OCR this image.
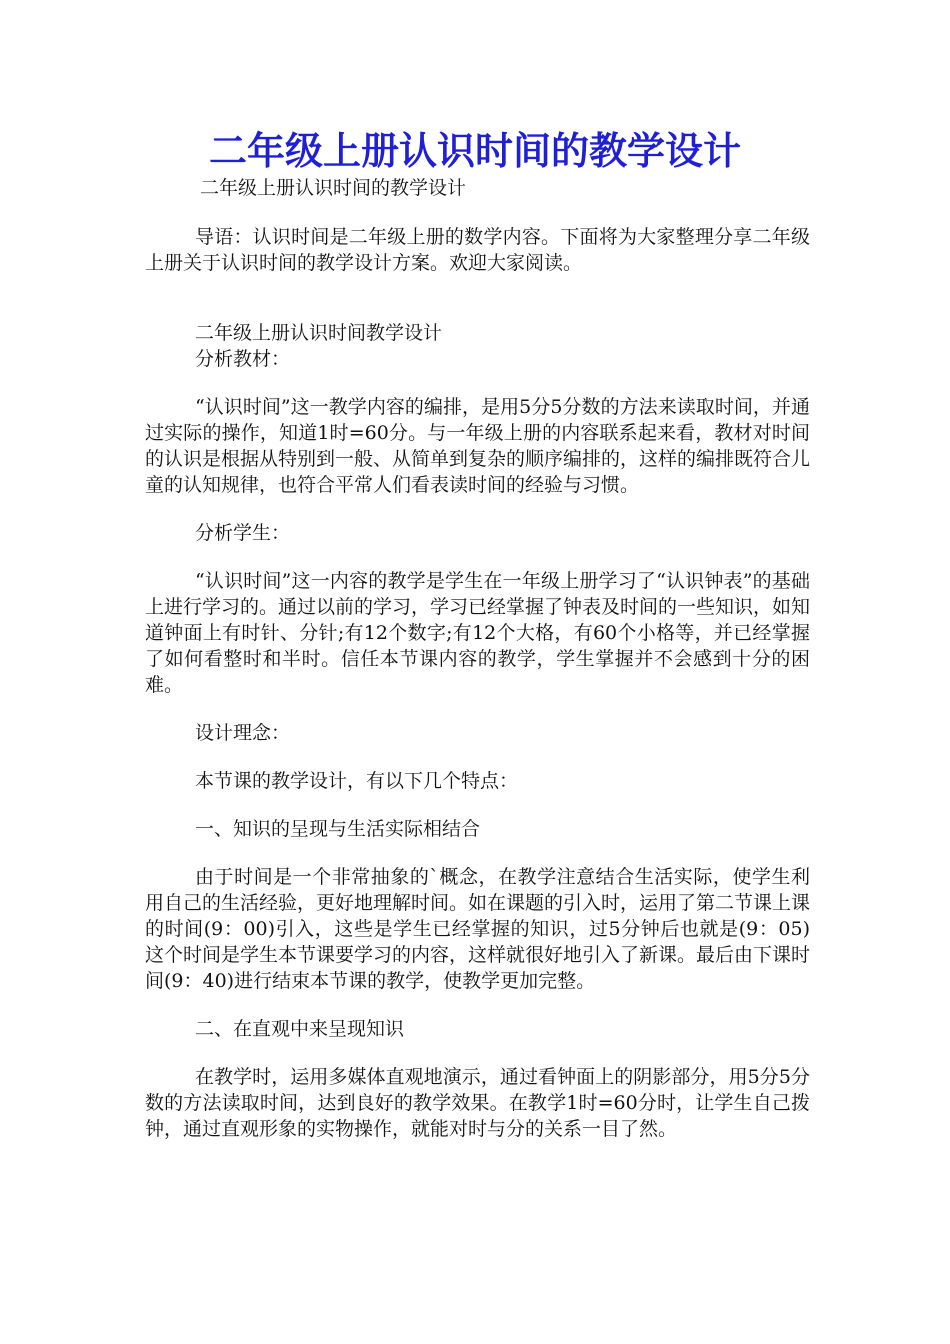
二年级上册认识时间的教学设计

二年级上册认识时间的教学设计

导语：认识时间是二年级上册的数学内容。下面将为大家整理分享二年级上册关于认识时间的教学设计方案。欢迎大家阅读。

二年级上册认识时间教学设计

分析教材：

“认识时间”这一教学内容的编排，是用5分5分数的方法来读取时间，并通过实际的操作，知道1时=60分。与一年级上册的内容联系起来看，教材对时间的认识是根据从特别到一般、从简单到复杂的顺序编排的，这样的编排既符合儿童的认知规律，也符合平常人们看表读时间的经验与习惯。

分析学生：

“认识时间”这一内容的教学是学生在一年级上册学习了“认识钟表”的基础上进行学习的。通过以前的学习，学习已经掌握了钟表及时间的一些知识，如知道钟面上有时针、分针;有12个数字;有12个大格，有60个小格等，并已经掌握了如何看整时和半时。信任本节课内容的教学，学生掌握并不会感到十分的困难。

设计理念：

本节课的教学设计，有以下几个特点：

一、知识的呈现与生活实际相结合

由于时间是一个非常抽象的`概念，在教学注意结合生活实际，使学生利用自己的生活经验，更好地理解时间。如在课题的引入时，运用了第二节课上课的时间(9：00)引入，这些是学生已经掌握的知识，过5分钟后也就是(9：05)这个时间是学生本节课要学习的内容，这样就很好地引入了新课。最后由下课时间(9：40)进行结束本节课的教学，使教学更加完整。

二、在直观中来呈现知识

在教学时，运用多媒体直观地演示，通过看钟面上的阴影部分，用5分5分数的方法读取时间，达到良好的教学效果。在教学1时=60分时，让学生自己拨钟，通过直观形象的实物操作，就能对时与分的关系一目了然。
